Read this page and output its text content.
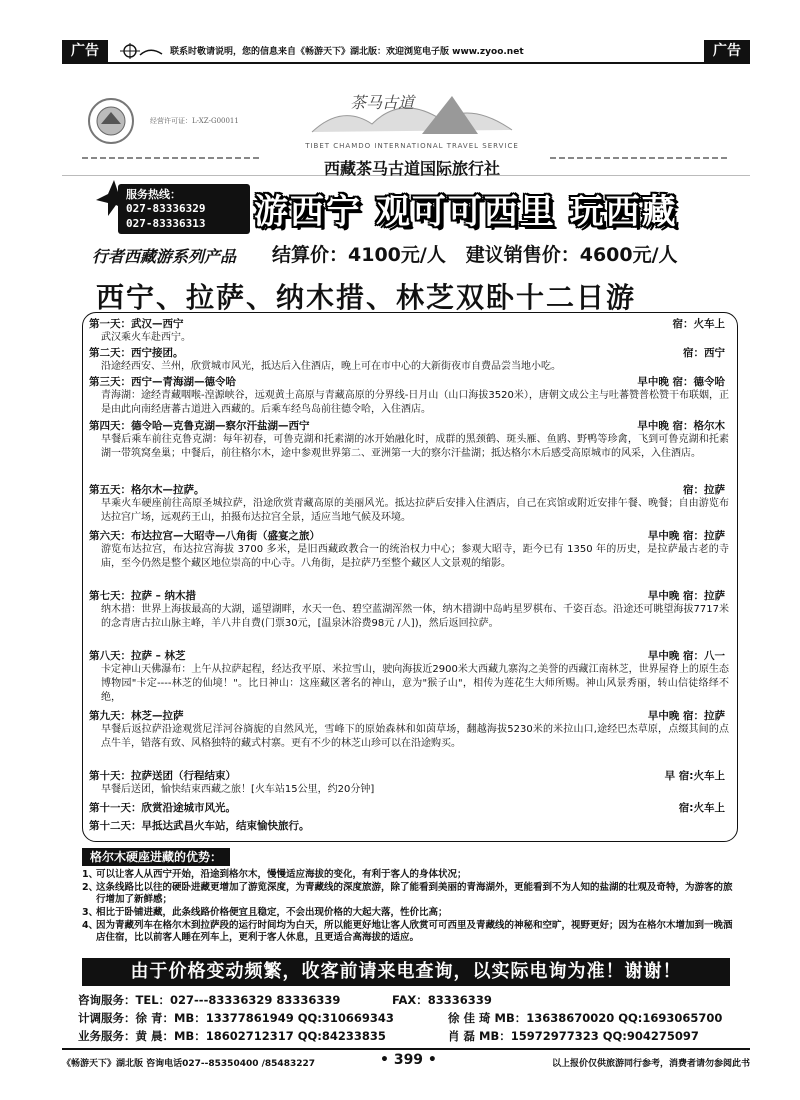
广告	联系时敬请说明，您的信息来自《畅游天下》湖北版：欢迎浏览电子版 www.zyoo.net	广告
经营许可证：L-XZ-G00011
茶马古道
TIBET CHAMDO INTERNATIONAL TRAVEL SERVICE
西藏茶马古道国际旅行社
服务热线：
027-83336329
027-83336313 游西宁 观可可西里 玩西藏
行者西藏游系列产品 结算价：4100元/人 建议销售价：4600元/人
西宁、拉萨、纳木措、林芝双卧十二日游
第一天：武汉—西宁	宿：火车上
武汉乘火车赴西宁。
第二天：西宁接团。	宿：西宁
沿途经西安、兰州，欣赏城市风光，抵达后入住酒店，晚上可在市中心的大新街夜市自费品尝当地小吃。
第三天：西宁—青海湖—德令哈	早中晚 宿：德令哈
青海湖：途经青藏咽喉-湟源峡谷，远观黄土高原与青藏高原的分界线-日月山（山口海拔3520米），唐朝文成公主与吐蕃赞普松赞干布联姻，正是由此向南经唐蕃古道进入西藏的。后乘车经鸟岛前往德令哈，入住酒店。
第四天：德令哈—克鲁克湖—察尔汗盐湖—西宁	早中晚 宿：格尔木
早餐后乘车前往克鲁克湖：每年初春，可鲁克湖和托素湖的冰开始融化时，成群的黑颈鹤、斑头雁、鱼鸥、野鸭等珍禽，飞到可鲁克湖和托素湖一带筑窝垒巢；中餐后，前往格尔木，途中参观世界第二、亚洲第一大的察尔汗盐湖；抵达格尔木后感受高原城市的风采，入住酒店。
第五天：格尔木—拉萨。	宿：拉萨
早乘火车硬座前往高原圣城拉萨，沿途欣赏青藏高原的美丽风光。抵达拉萨后安排入住酒店，自己在宾馆或附近安排午餐、晚餐；自由游览布达拉宫广场，远观药王山，拍摄布达拉宫全景，适应当地气候及环境。
第六天：布达拉宫—大昭寺—八角街（盛宴之旅）	早中晚 宿：拉萨
游览布达拉宫，布达拉宫海拔 3700 多米，是旧西藏政教合一的统治权力中心；参观大昭寺，距今已有 1350 年的历史，是拉萨最古老的寺庙，至今仍然是整个藏区地位崇高的中心寺。八角街，是拉萨乃至整个藏区人文景观的缩影。
第七天：拉萨 – 纳木措	早中晚 宿：拉萨
纳木措：世界上海拔最高的大湖，遥望湖畔，水天一色、碧空蓝湖浑然一体，纳木措湖中岛屿星罗棋布、千姿百态。沿途还可眺望海拔7717米的念青唐古拉山脉主峰，羊八井自费(门票30元，[温泉沐浴费98元 /人])，然后返回拉萨。
第八天：拉萨 – 林芝	早中晚 宿：八一
卡定神山天佛瀑布：上午从拉萨起程，经达孜平原、米拉雪山，驶向海拔近2900米大西藏九寨沟之美誉的西藏江南林芝，世界屋脊上的原生态博物园"卡定----林芝的仙境！"。比日神山：这座藏区著名的神山，意为"猴子山"，相传为莲花生大师所赐。神山风景秀丽，转山信徒络绎不绝，
第九天：林芝—拉萨	早中晚 宿：拉萨
早餐后返拉萨沿途观赏尼洋河谷旖旎的自然风光，雪峰下的原始森林和如茵草场，翻越海拔5230米的米拉山口,途经巴杰草原，点缀其间的点点牛羊，错落有致、风格独特的藏式村寨。更有不少的林芝山珍可以在沿途购买。
第十天：拉萨送团（行程结束）	早 宿:火车上
早餐后送团，愉快结束西藏之旅！[火车站15公里，约20分钟]
第十一天：欣赏沿途城市风光。	宿:火车上
第十二天：早抵达武昌火车站，结束愉快旅行。
格尔木硬座进藏的优势：
1、
可以让客人从西宁开始，沿途到格尔木，慢慢适应海拔的变化，有利于客人的身体状况；
2、
这条线路比以往的硬卧进藏更增加了游览深度，为青藏线的深度旅游，除了能看到美丽的青海湖外，更能看到不为人知的盐湖的壮观及奇特，为游客的旅行增加了新鲜感；
3、
相比于卧铺进藏，此条线路价格便宜且稳定，不会出现价格的大起大落，性价比高；
4、
因为青藏列车在格尔木到拉萨段的运行时间均为白天，所以能更好地让客人欣赏可可西里及青藏线的神秘和空旷，视野更好；因为在格尔木增加到一晚酒店住宿，比以前客人睡在列车上，更利于客人休息，且更适合高海拔的适应。
由于价格变动频繁，收客前请来电查询，以实际电询为准！谢谢！
咨询服务：TEL：027---83336329 83336339	FAX：83336339
计调服务：徐 青：MB：13377861949 QQ:310669343	徐 佳 琦 MB：13638670020 QQ:1693065700
业务服务：黄 晨：MB：18602712317 QQ:84233835	肖 磊 MB：15972977323 QQ:904275097
《畅游天下》湖北版 咨询电话027--85350400 /85483227	• 399 •	以上报价仅供旅游同行参考，消费者请勿参阅此书
